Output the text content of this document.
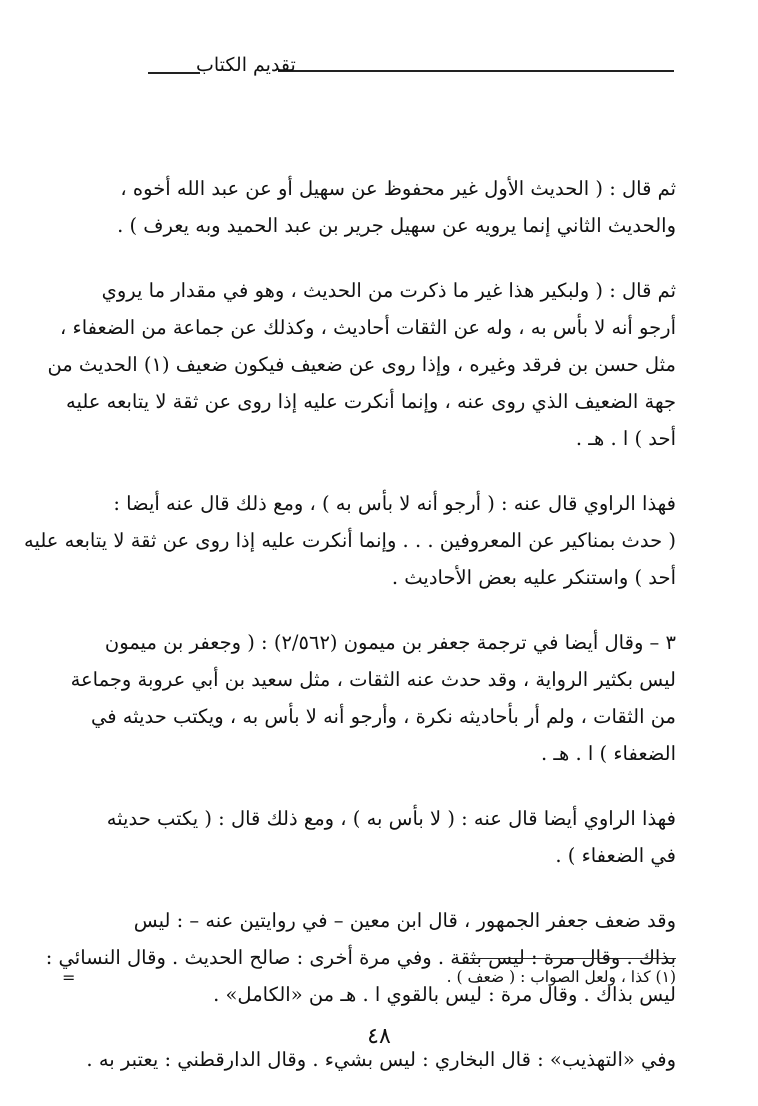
تقديم الكتاب
ثم قال : ( الحديث الأول غير محفوظ عن سهيل أو عن عبد الله أخوه ،
والحديث الثاني إنما يرويه عن سهيل جرير بن عبد الحميد وبه يعرف ) .
ثم قال : ( ولبكير هذا غير ما ذكرت من الحديث ، وهو في مقدار ما يروي
أرجو أنه لا بأس به ، وله عن الثقات أحاديث ، وكذلك عن جماعة من الضعفاء ،
مثل حسن بن فرقد وغيره ، وإذا روى عن ضعيف فيكون ضعيف (١) الحديث من
جهة الضعيف الذي روى عنه ، وإنما أنكرت عليه إذا روى عن ثقة لا يتابعه عليه
أحد ) ا . هـ .
فهذا الراوي قال عنه : ( أرجو أنه لا بأس به ) ، ومع ذلك قال عنه أيضا :
( حدث بمناكير عن المعروفين . . . وإنما أنكرت عليه إذا روى عن ثقة لا يتابعه عليه
أحد ) واستنكر عليه بعض الأحاديث .
٣ – وقال أيضا في ترجمة جعفر بن ميمون (٢/٥٦٢) : ( وجعفر بن ميمون
ليس بكثير الرواية ، وقد حدث عنه الثقات ، مثل سعيد بن أبي عروبة وجماعة
من الثقات ، ولم أر بأحاديثه نكرة ، وأرجو أنه لا بأس به ، ويكتب حديثه في
الضعفاء ) ا . هـ .
فهذا الراوي أيضا قال عنه : ( لا بأس به ) ، ومع ذلك قال : ( يكتب حديثه
في الضعفاء ) .
وقد ضعف جعفر الجمهور ، قال ابن معين – في روايتين عنه – : ليس
بذاك . وقال مرة : ليس بثقة . وفي مرة أخرى : صالح الحديث . وقال النسائي :
ليس بذاك . وقال مرة : ليس بالقوي ا . هـ من «الكامل» .
وفي «التهذيب» : قال البخاري : ليس بشيء . وقال الدارقطني : يعتبر به .
=	(١) كذا ، ولعل الصواب : ( ضعف ) .
٤٨
